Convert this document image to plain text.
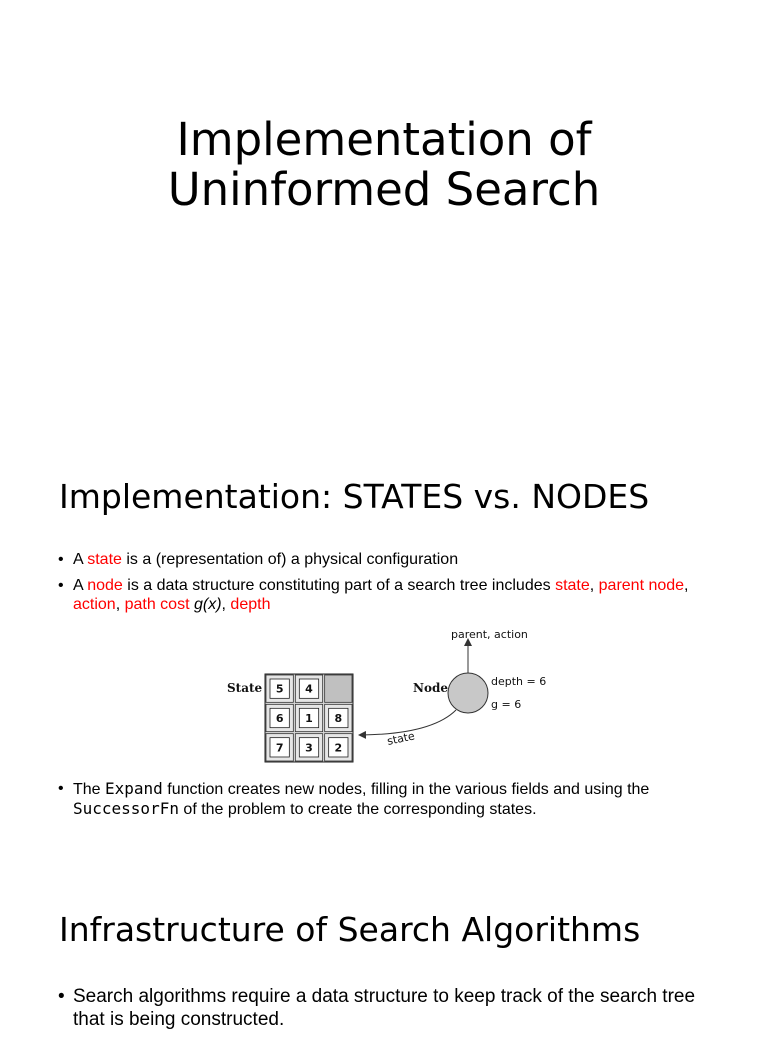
Implementation of
Uninformed Search
Implementation: STATES vs. NODES
• A state is a (representation of) a physical configuration
• A node is a data structure constituting part of a search tree includes state, parent node, action, path cost g(x), depth
State 5 4
6 1 8
7 3 2
Node
parent, action
depth = 6
g = 6
state
• The Expand function creates new nodes, filling in the various fields and using the SuccessorFn of the problem to create the corresponding states.
Infrastructure of Search Algorithms
• Search algorithms require a data structure to keep track of the search tree that is being constructed.
